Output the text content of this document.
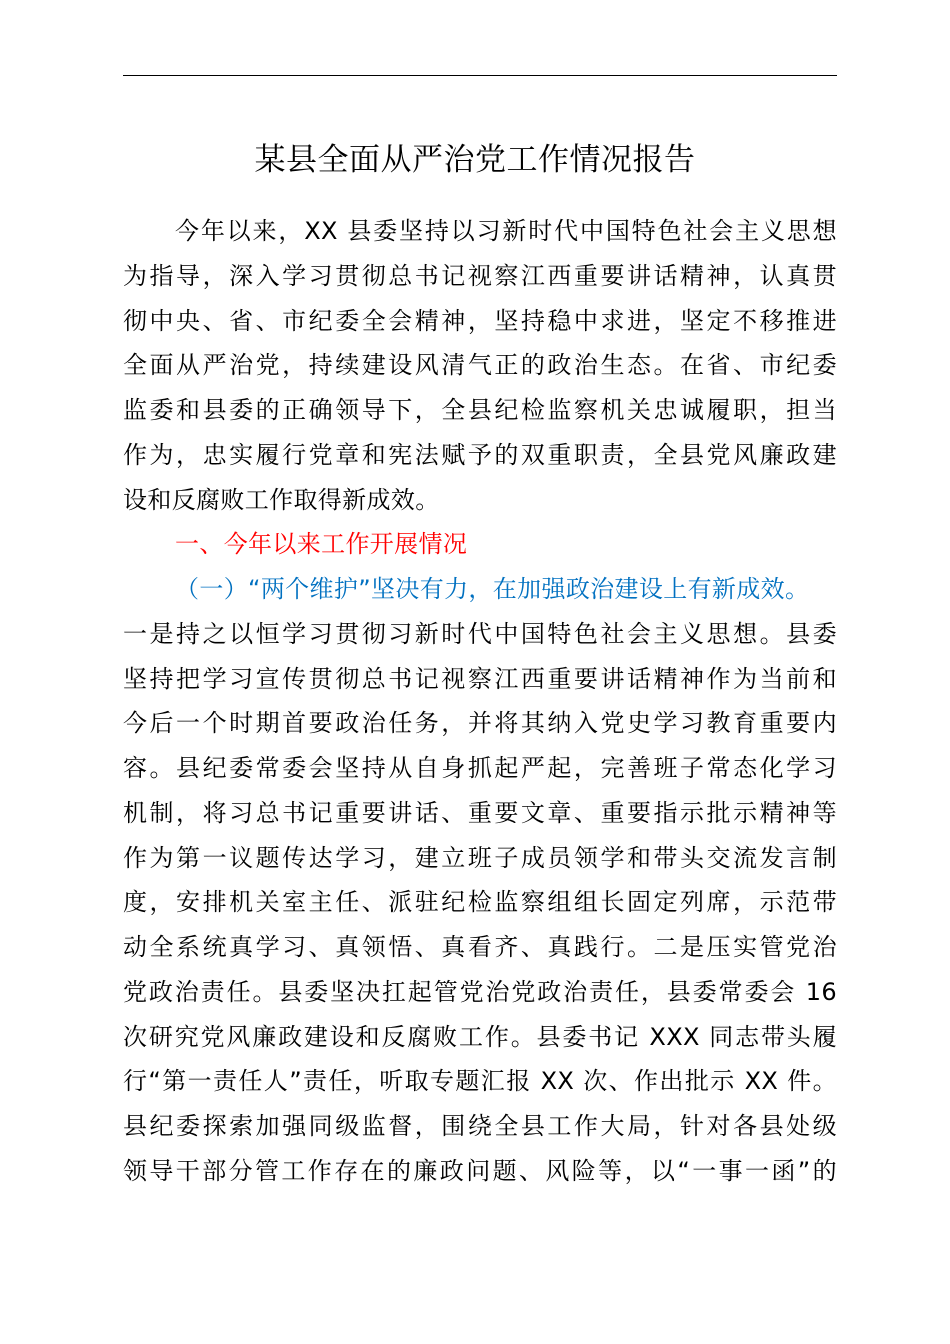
某县全面从严治党工作情况报告
今年以来，XX 县委坚持以习新时代中国特色社会主义思想
为指导，深入学习贯彻总书记视察江西重要讲话精神，认真贯
彻中央、省、市纪委全会精神，坚持稳中求进，坚定不移推进
全面从严治党，持续建设风清气正的政治生态。在省、市纪委
监委和县委的正确领导下，全县纪检监察机关忠诚履职，担当
作为，忠实履行党章和宪法赋予的双重职责，全县党风廉政建
设和反腐败工作取得新成效。
一、今年以来工作开展情况
（一）“两个维护”坚决有力，在加强政治建设上有新成效。
一是持之以恒学习贯彻习新时代中国特色社会主义思想。县委
坚持把学习宣传贯彻总书记视察江西重要讲话精神作为当前和
今后一个时期首要政治任务，并将其纳入党史学习教育重要内
容。县纪委常委会坚持从自身抓起严起，完善班子常态化学习
机制，将习总书记重要讲话、重要文章、重要指示批示精神等
作为第一议题传达学习，建立班子成员领学和带头交流发言制
度，安排机关室主任、派驻纪检监察组组长固定列席，示范带
动全系统真学习、真领悟、真看齐、真践行。二是压实管党治
党政治责任。县委坚决扛起管党治党政治责任，县委常委会 16
次研究党风廉政建设和反腐败工作。县委书记 XXX 同志带头履
行“第一责任人”责任，听取专题汇报 XX 次、作出批示 XX 件。
县纪委探索加强同级监督，围绕全县工作大局，针对各县处级
领导干部分管工作存在的廉政问题、风险等，以“一事一函”的
